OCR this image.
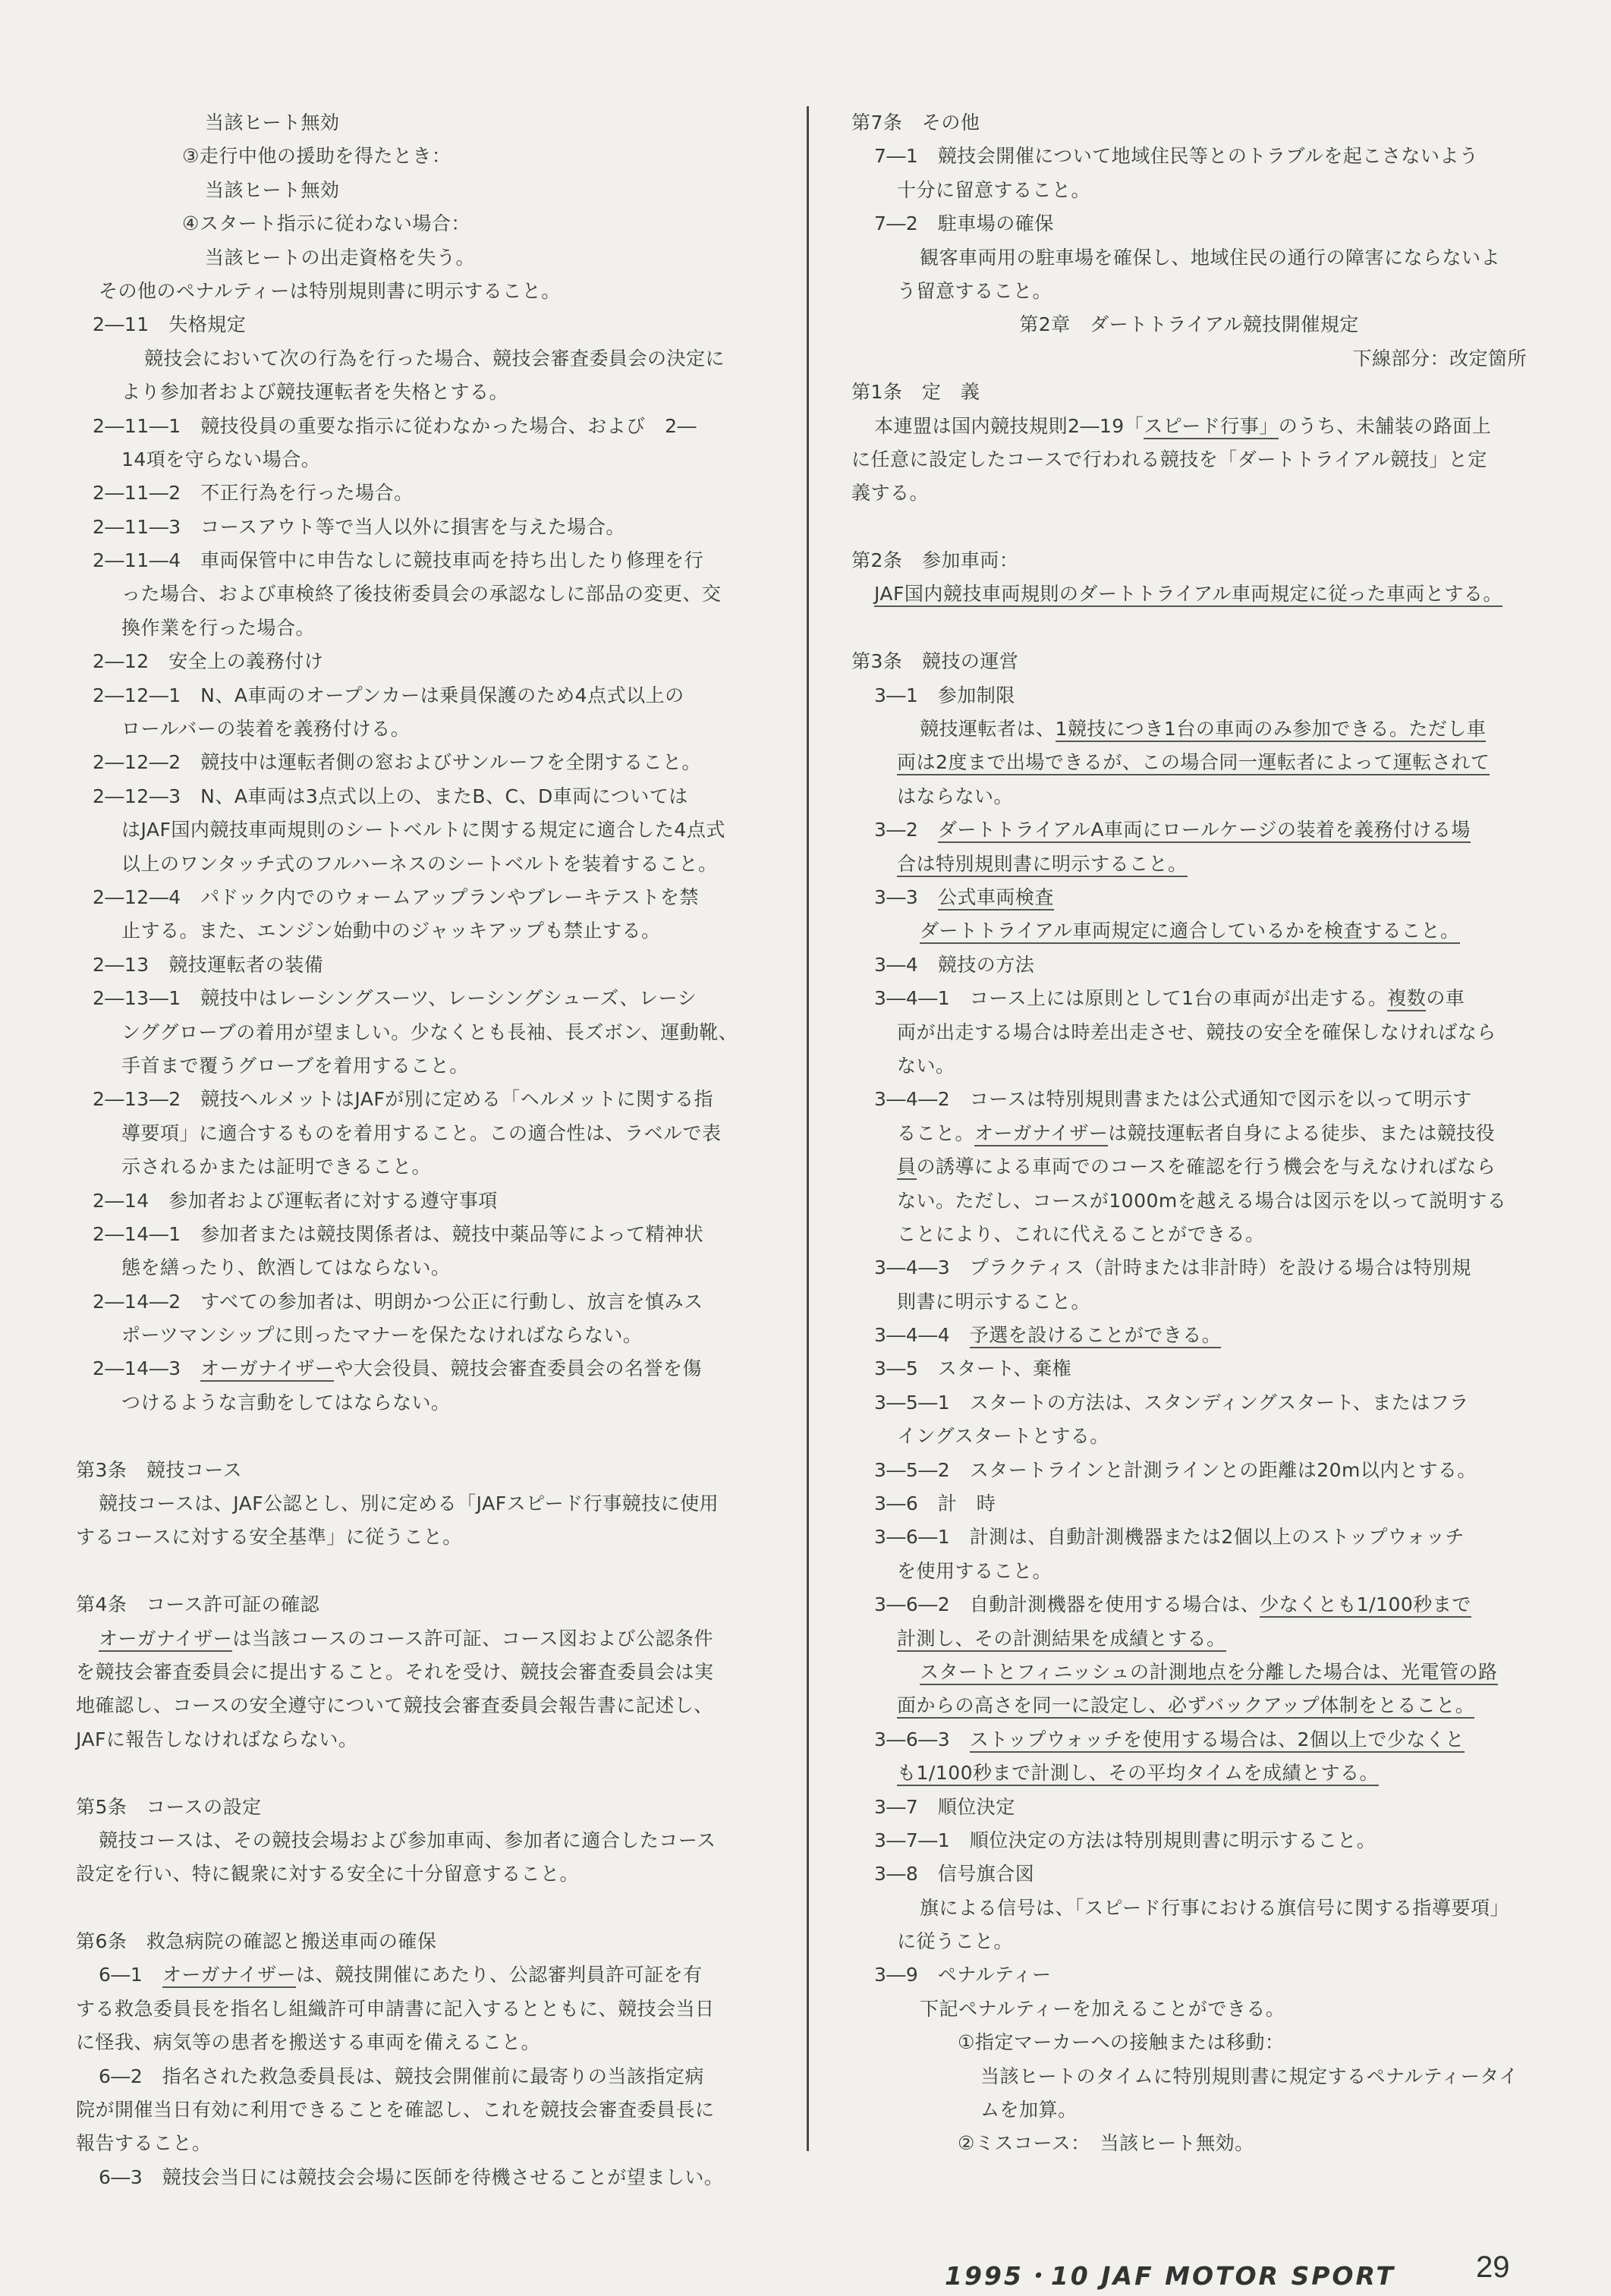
当該ヒート無効
③走行中他の援助を得たとき：
当該ヒート無効
④スタート指示に従わない場合：
当該ヒートの出走資格を失う。
その他のペナルティーは特別規則書に明示すること。
2―11　失格規定
競技会において次の行為を行った場合、競技会審査委員会の決定に
より参加者および競技運転者を失格とする。
2―11―1　競技役員の重要な指示に従わなかった場合、および　2―
14項を守らない場合。
2―11―2　不正行為を行った場合。
2―11―3　コースアウト等で当人以外に損害を与えた場合。
2―11―4　車両保管中に申告なしに競技車両を持ち出したり修理を行
った場合、および車検終了後技術委員会の承認なしに部品の変更、交
換作業を行った場合。
2―12　安全上の義務付け
2―12―1　N、A車両のオープンカーは乗員保護のため4点式以上の
ロールバーの装着を義務付ける。
2―12―2　競技中は運転者側の窓およびサンルーフを全閉すること。
2―12―3　N、A車両は3点式以上の、またB、C、D車両については
はJAF国内競技車両規則のシートベルトに関する規定に適合した4点式
以上のワンタッチ式のフルハーネスのシートベルトを装着すること。
2―12―4　パドック内でのウォームアップランやブレーキテストを禁
止する。また、エンジン始動中のジャッキアップも禁止する。
2―13　競技運転者の装備
2―13―1　競技中はレーシングスーツ、レーシングシューズ、レーシ
ンググローブの着用が望ましい。少なくとも長袖、長ズボン、運動靴、
手首まで覆うグローブを着用すること。
2―13―2　競技ヘルメットはJAFが別に定める「ヘルメットに関する指
導要項」に適合するものを着用すること。この適合性は、ラベルで表
示されるかまたは証明できること。
2―14　参加者および運転者に対する遵守事項
2―14―1　参加者または競技関係者は、競技中薬品等によって精神状
態を繕ったり、飲酒してはならない。
2―14―2　すべての参加者は、明朗かつ公正に行動し、放言を慎みス
ポーツマンシップに則ったマナーを保たなければならない。
2―14―3　オーガナイザーや大会役員、競技会審査委員会の名誉を傷
つけるような言動をしてはならない。
第3条　競技コース
競技コースは、JAF公認とし、別に定める「JAFスピード行事競技に使用
するコースに対する安全基準」に従うこと。
第4条　コース許可証の確認
オーガナイザーは当該コースのコース許可証、コース図および公認条件
を競技会審査委員会に提出すること。それを受け、競技会審査委員会は実
地確認し、コースの安全遵守について競技会審査委員会報告書に記述し、
JAFに報告しなければならない。
第5条　コースの設定
競技コースは、その競技会場および参加車両、参加者に適合したコース
設定を行い、特に観衆に対する安全に十分留意すること。
第6条　救急病院の確認と搬送車両の確保
6―1　オーガナイザーは、競技開催にあたり、公認審判員許可証を有
する救急委員長を指名し組織許可申請書に記入するとともに、競技会当日
に怪我、病気等の患者を搬送する車両を備えること。
6―2　指名された救急委員長は、競技会開催前に最寄りの当該指定病
院が開催当日有効に利用できることを確認し、これを競技会審査委員長に
報告すること。
6―3　競技会当日には競技会会場に医師を待機させることが望ましい。
第7条　その他
7―1　競技会開催について地域住民等とのトラブルを起こさないよう
十分に留意すること。
7―2　駐車場の確保
観客車両用の駐車場を確保し、地域住民の通行の障害にならないよ
う留意すること。
第2章　ダートトライアル競技開催規定
下線部分：改定箇所
第1条　定　義
本連盟は国内競技規則2―19「スピード行事」のうち、未舗装の路面上
に任意に設定したコースで行われる競技を「ダートトライアル競技」と定
義する。
第2条　参加車両：
JAF国内競技車両規則のダートトライアル車両規定に従った車両とする。
第3条　競技の運営
3―1　参加制限
競技運転者は、1競技につき1台の車両のみ参加できる。ただし車
両は2度まで出場できるが、この場合同一運転者によって運転されて
はならない。
3―2　ダートトライアルA車両にロールケージの装着を義務付ける場
合は特別規則書に明示すること。
3―3　公式車両検査
ダートトライアル車両規定に適合しているかを検査すること。
3―4　競技の方法
3―4―1　コース上には原則として1台の車両が出走する。複数の車
両が出走する場合は時差出走させ、競技の安全を確保しなければなら
ない。
3―4―2　コースは特別規則書または公式通知で図示を以って明示す
ること。オーガナイザーは競技運転者自身による徒歩、または競技役
員の誘導による車両でのコースを確認を行う機会を与えなければなら
ない。ただし、コースが1000mを越える場合は図示を以って説明する
ことにより、これに代えることができる。
3―4―3　プラクティス（計時または非計時）を設ける場合は特別規
則書に明示すること。
3―4―4　予選を設けることができる。
3―5　スタート、棄権
3―5―1　スタートの方法は、スタンディングスタート、またはフラ
イングスタートとする。
3―5―2　スタートラインと計測ラインとの距離は20m以内とする。
3―6　計　時
3―6―1　計測は、自動計測機器または2個以上のストップウォッチ
を使用すること。
3―6―2　自動計測機器を使用する場合は、少なくとも1/100秒まで
計測し、その計測結果を成績とする。
スタートとフィニッシュの計測地点を分離した場合は、光電管の路
面からの高さを同一に設定し、必ずバックアップ体制をとること。
3―6―3　ストップウォッチを使用する場合は、2個以上で少なくと
も1/100秒まで計測し、その平均タイムを成績とする。
3―7　順位決定
3―7―1　順位決定の方法は特別規則書に明示すること。
3―8　信号旗合図
旗による信号は、「スピード行事における旗信号に関する指導要項」
に従うこと。
3―9　ペナルティー
下記ペナルティーを加えることができる。
①指定マーカーへの接触または移動：
当該ヒートのタイムに特別規則書に規定するペナルティータイ
ムを加算。
②ミスコース：　当該ヒート無効。
1995・10 JAF MOTOR SPORT	29
